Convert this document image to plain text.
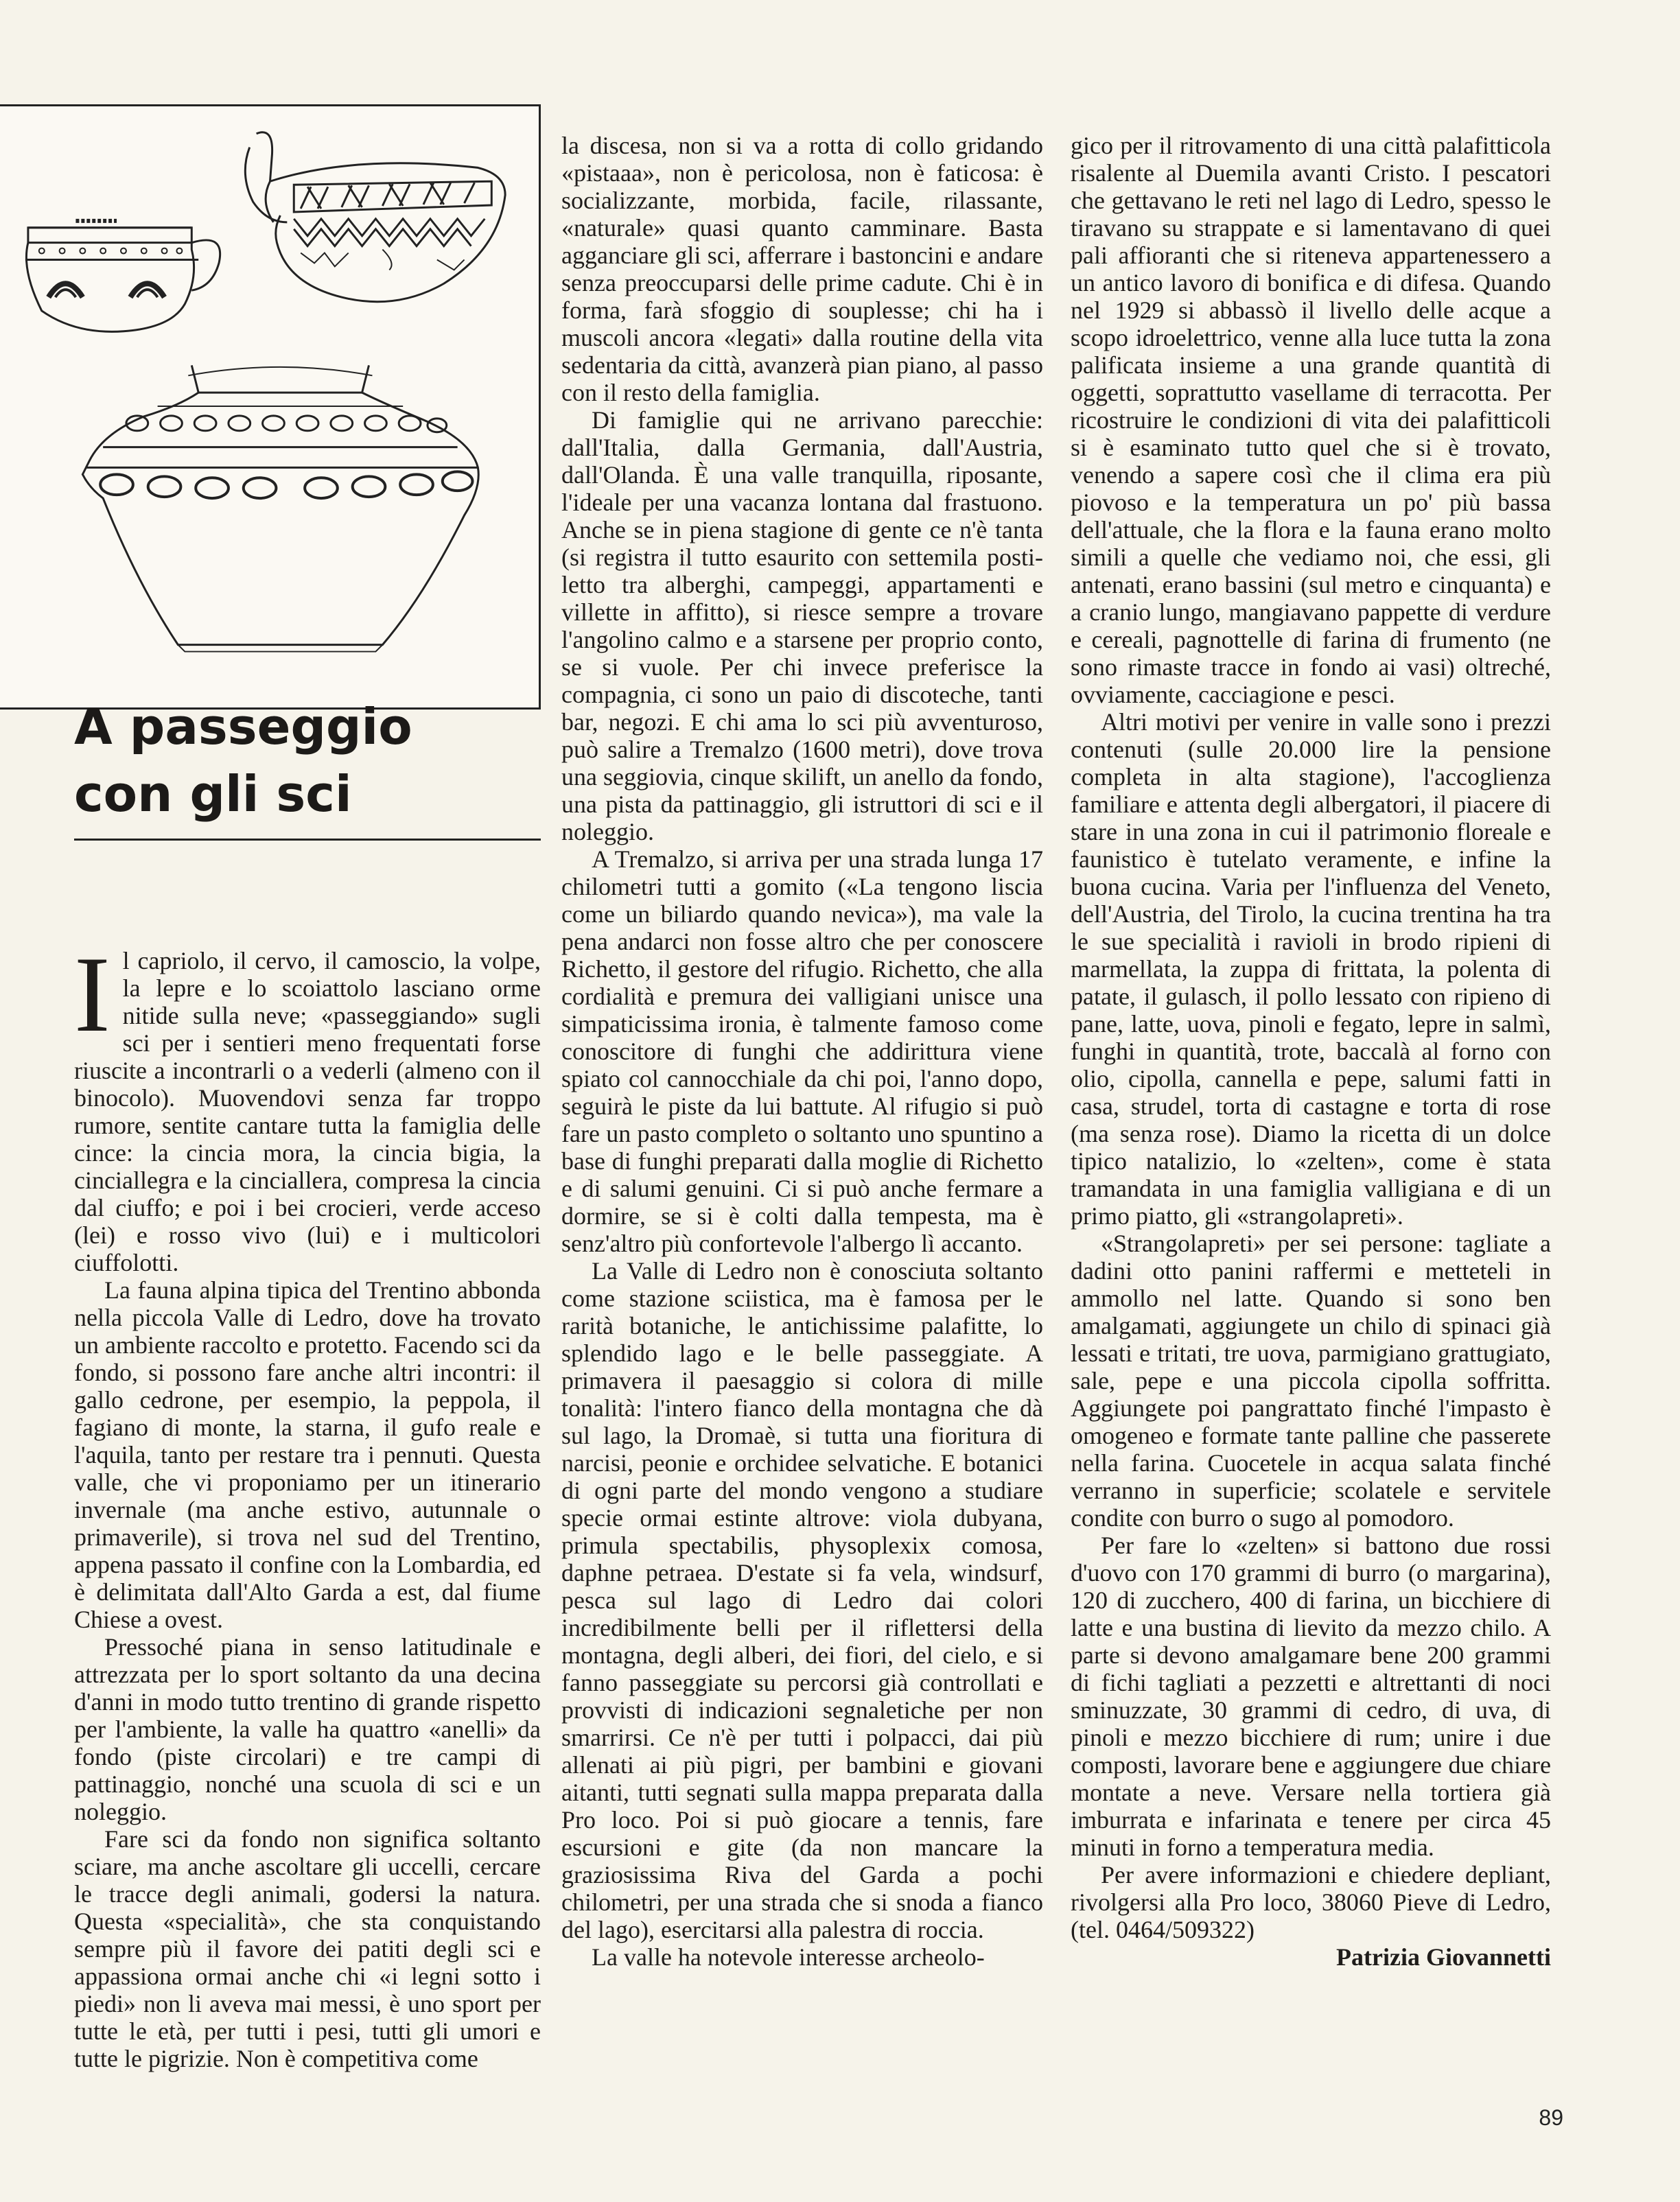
A passeggio
con gli sci

Il capriolo, il cervo, il camoscio, la volpe, la lepre e lo scoiattolo lasciano orme nitide sulla neve; «passeggiando» sugli sci per i sentieri meno frequentati forse riuscite a incontrarli o a vederli (almeno con il binocolo). Muovendovi senza far troppo rumore, sentite cantare tutta la famiglia delle cince: la cincia mora, la cincia bigia, la cinciallegra e la cinciallera, compresa la cincia dal ciuffo; e poi i bei crocieri, verde acceso (lei) e rosso vivo (lui) e i multicolori ciuffolotti.

La fauna alpina tipica del Trentino abbonda nella piccola Valle di Ledro, dove ha trovato un ambiente raccolto e protetto. Facendo sci da fondo, si possono fare anche altri incontri: il gallo cedrone, per esempio, la peppola, il fagiano di monte, la starna, il gufo reale e l'aquila, tanto per restare tra i pennuti. Questa valle, che vi proponiamo per un itinerario invernale (ma anche estivo, autunnale o primaverile), si trova nel sud del Trentino, appena passato il confine con la Lombardia, ed è delimitata dall'Alto Garda a est, dal fiume Chiese a ovest.

Pressoché piana in senso latitudinale e attrezzata per lo sport soltanto da una decina d'anni in modo tutto trentino di grande rispetto per l'ambiente, la valle ha quattro «anelli» da fondo (piste circolari) e tre campi di pattinaggio, nonché una scuola di sci e un noleggio.

Fare sci da fondo non significa soltanto sciare, ma anche ascoltare gli uccelli, cercare le tracce degli animali, godersi la natura. Questa «specialità», che sta conquistando sempre più il favore dei patiti degli sci e appassiona ormai anche chi «i legni sotto i piedi» non li aveva mai messi, è uno sport per tutte le età, per tutti i pesi, tutti gli umori e tutte le pigrizie. Non è competitiva come

la discesa, non si va a rotta di collo gridando «pistaaa», non è pericolosa, non è faticosa: è socializzante, morbida, facile, rilassante, «naturale» quasi quanto camminare. Basta agganciare gli sci, afferrare i bastoncini e andare senza preoccuparsi delle prime cadute. Chi è in forma, farà sfoggio di souplesse; chi ha i muscoli ancora «legati» dalla routine della vita sedentaria da città, avanzerà pian piano, al passo con il resto della famiglia.

Di famiglie qui ne arrivano parecchie: dall'Italia, dalla Germania, dall'Austria, dall'Olanda. È una valle tranquilla, riposante, l'ideale per una vacanza lontana dal frastuono. Anche se in piena stagione di gente ce n'è tanta (si registra il tutto esaurito con settemila posti-letto tra alberghi, campeggi, appartamenti e villette in affitto), si riesce sempre a trovare l'angolino calmo e a starsene per proprio conto, se si vuole. Per chi invece preferisce la compagnia, ci sono un paio di discoteche, tanti bar, negozi. E chi ama lo sci più avventuroso, può salire a Tremalzo (1600 metri), dove trova una seggiovia, cinque skilift, un anello da fondo, una pista da pattinaggio, gli istruttori di sci e il noleggio.

A Tremalzo, si arriva per una strada lunga 17 chilometri tutti a gomito («La tengono liscia come un biliardo quando nevica»), ma vale la pena andarci non fosse altro che per conoscere Richetto, il gestore del rifugio. Richetto, che alla cordialità e premura dei valligiani unisce una simpaticissima ironia, è talmente famoso come conoscitore di funghi che addirittura viene spiato col cannocchiale da chi poi, l'anno dopo, seguirà le piste da lui battute. Al rifugio si può fare un pasto completo o soltanto uno spuntino a base di funghi preparati dalla moglie di Richetto e di salumi genuini. Ci si può anche fermare a dormire, se si è colti dalla tempesta, ma è senz'altro più confortevole l'albergo lì accanto.

La Valle di Ledro non è conosciuta soltanto come stazione sciistica, ma è famosa per le rarità botaniche, le antichissime palafitte, lo splendido lago e le belle passeggiate. A primavera il paesaggio si colora di mille tonalità: l'intero fianco della montagna che dà sul lago, la Dromaè, si tutta una fioritura di narcisi, peonie e orchidee selvatiche. E botanici di ogni parte del mondo vengono a studiare specie ormai estinte altrove: viola dubyana, primula spectabilis, physoplexix comosa, daphne petraea. D'estate si fa vela, windsurf, pesca sul lago di Ledro dai colori incredibilmente belli per il riflettersi della montagna, degli alberi, dei fiori, del cielo, e si fanno passeggiate su percorsi già controllati e provvisti di indicazioni segnaletiche per non smarrirsi. Ce n'è per tutti i polpacci, dai più allenati ai più pigri, per bambini e giovani aitanti, tutti segnati sulla mappa preparata dalla Pro loco. Poi si può giocare a tennis, fare escursioni e gite (da non mancare la graziosissima Riva del Garda a pochi chilometri, per una strada che si snoda a fianco del lago), esercitarsi alla palestra di roccia.

La valle ha notevole interesse archeolo-

gico per il ritrovamento di una città palafitticola risalente al Duemila avanti Cristo. I pescatori che gettavano le reti nel lago di Ledro, spesso le tiravano su strappate e si lamentavano di quei pali affioranti che si riteneva appartenessero a un antico lavoro di bonifica e di difesa. Quando nel 1929 si abbassò il livello delle acque a scopo idroelettrico, venne alla luce tutta la zona palificata insieme a una grande quantità di oggetti, soprattutto vasellame di terracotta. Per ricostruire le condizioni di vita dei palafitticoli si è esaminato tutto quel che si è trovato, venendo a sapere così che il clima era più piovoso e la temperatura un po' più bassa dell'attuale, che la flora e la fauna erano molto simili a quelle che vediamo noi, che essi, gli antenati, erano bassini (sul metro e cinquanta) e a cranio lungo, mangiavano pappette di verdure e cereali, pagnottelle di farina di frumento (ne sono rimaste tracce in fondo ai vasi) oltreché, ovviamente, cacciagione e pesci.

Altri motivi per venire in valle sono i prezzi contenuti (sulle 20.000 lire la pensione completa in alta stagione), l'accoglienza familiare e attenta degli albergatori, il piacere di stare in una zona in cui il patrimonio floreale e faunistico è tutelato veramente, e infine la buona cucina. Varia per l'influenza del Veneto, dell'Austria, del Tirolo, la cucina trentina ha tra le sue specialità i ravioli in brodo ripieni di marmellata, la zuppa di frittata, la polenta di patate, il gulasch, il pollo lessato con ripieno di pane, latte, uova, pinoli e fegato, lepre in salmì, funghi in quantità, trote, baccalà al forno con olio, cipolla, cannella e pepe, salumi fatti in casa, strudel, torta di castagne e torta di rose (ma senza rose). Diamo la ricetta di un dolce tipico natalizio, lo «zelten», come è stata tramandata in una famiglia valligiana e di un primo piatto, gli «strangolapreti».

«Strangolapreti» per sei persone: tagliate a dadini otto panini raffermi e metteteli in ammollo nel latte. Quando si sono ben amalgamati, aggiungete un chilo di spinaci già lessati e tritati, tre uova, parmigiano grattugiato, sale, pepe e una piccola cipolla soffritta. Aggiungete poi pangrattato finché l'impasto è omogeneo e formate tante palline che passerete nella farina. Cuocetele in acqua salata finché verranno in superficie; scolatele e servitele condite con burro o sugo al pomodoro.

Per fare lo «zelten» si battono due rossi d'uovo con 170 grammi di burro (o margarina), 120 di zucchero, 400 di farina, un bicchiere di latte e una bustina di lievito da mezzo chilo. A parte si devono amalgamare bene 200 grammi di fichi tagliati a pezzetti e altrettanti di noci sminuzzate, 30 grammi di cedro, di uva, di pinoli e mezzo bicchiere di rum; unire i due composti, lavorare bene e aggiungere due chiare montate a neve. Versare nella tortiera già imburrata e infarinata e tenere per circa 45 minuti in forno a temperatura media.

Per avere informazioni e chiedere depliant, rivolgersi alla Pro loco, 38060 Pieve di Ledro, (tel. 0464/509322)

Patrizia Giovannetti

89
